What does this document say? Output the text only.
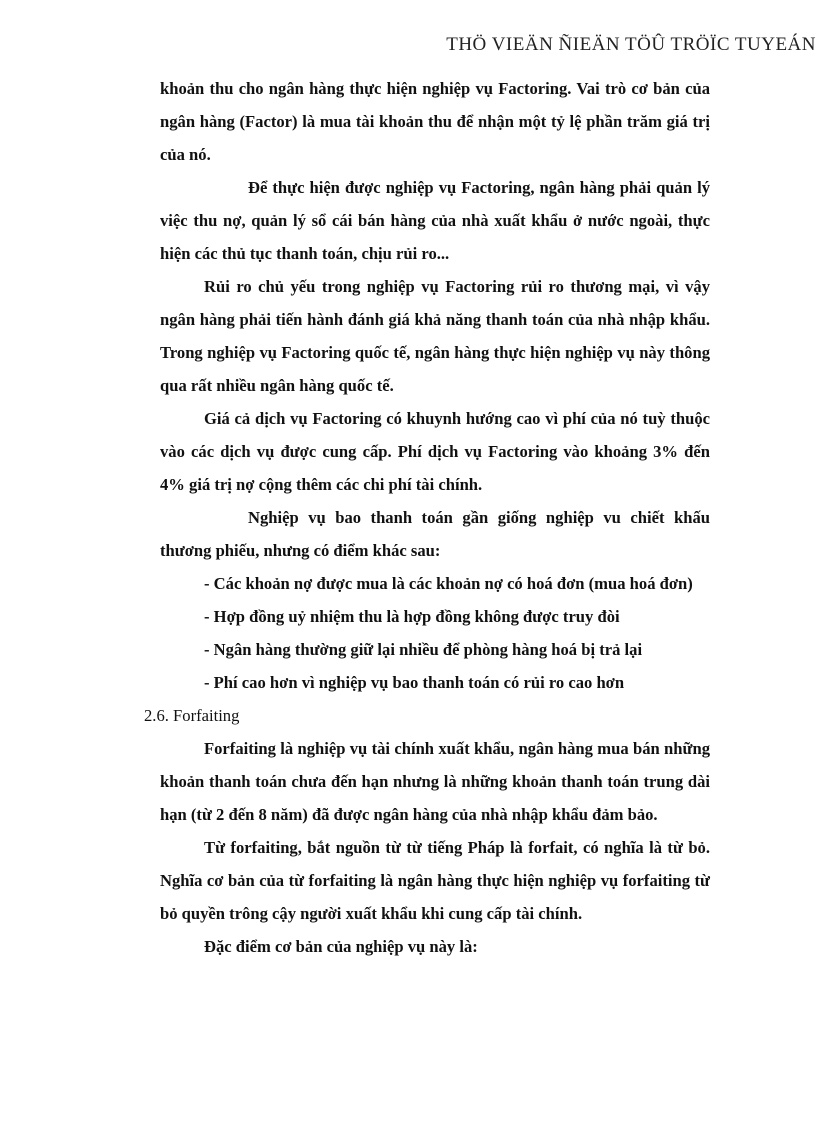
THÖ VIEÄN ÑIEÄN TÖÛ TRÖÏC TUYEÁN

khoản thu cho ngân hàng thực hiện nghiệp vụ Factoring. Vai trò cơ bản của ngân hàng (Factor) là mua tài khoản thu để nhận một tỷ lệ phần trăm giá trị của nó.

Để thực hiện được nghiệp vụ Factoring, ngân hàng phải quản lý việc thu nợ, quản lý sổ cái bán hàng của nhà xuất khẩu ở nước ngoài, thực hiện các thủ tục thanh toán, chịu rủi ro...

Rủi ro chủ yếu trong nghiệp vụ Factoring rủi ro thương mại, vì vậy ngân hàng phải tiến hành đánh giá khả năng thanh toán của nhà nhập khẩu. Trong nghiệp vụ Factoring quốc tế, ngân hàng thực hiện nghiệp vụ này thông qua rất nhiều ngân hàng quốc tế.

Giá cả dịch vụ Factoring có khuynh hướng cao vì phí của nó tuỳ thuộc vào các dịch vụ được cung cấp. Phí dịch vụ Factoring vào khoảng 3% đến 4% giá trị nợ cộng thêm các chi phí tài chính.

Nghiệp vụ bao thanh toán gần giống nghiệp vu chiết khấu thương phiếu, nhưng có điểm khác sau:

- Các khoản nợ được mua là các khoản nợ có hoá đơn (mua hoá đơn)

- Hợp đồng uỷ nhiệm thu là hợp đồng không được truy đòi

- Ngân hàng thường giữ lại nhiều để phòng hàng hoá bị trả lại

- Phí cao hơn vì nghiệp vụ bao thanh toán có rủi ro cao hơn

2.6. Forfaiting

Forfaiting là nghiệp vụ tài chính xuất khẩu, ngân hàng mua bán những khoản thanh toán chưa đến hạn nhưng là những khoản thanh toán trung dài hạn (từ 2 đến 8 năm) đã được ngân hàng của nhà nhập khẩu đảm bảo.

Từ forfaiting, bắt nguồn từ từ tiếng Pháp là forfait, có nghĩa là từ bỏ. Nghĩa cơ bản của từ forfaiting là ngân hàng thực hiện nghiệp vụ forfaiting từ bỏ quyền trông cậy người xuất khẩu khi cung cấp tài chính.

Đặc điểm cơ bản của nghiệp vụ này là:
